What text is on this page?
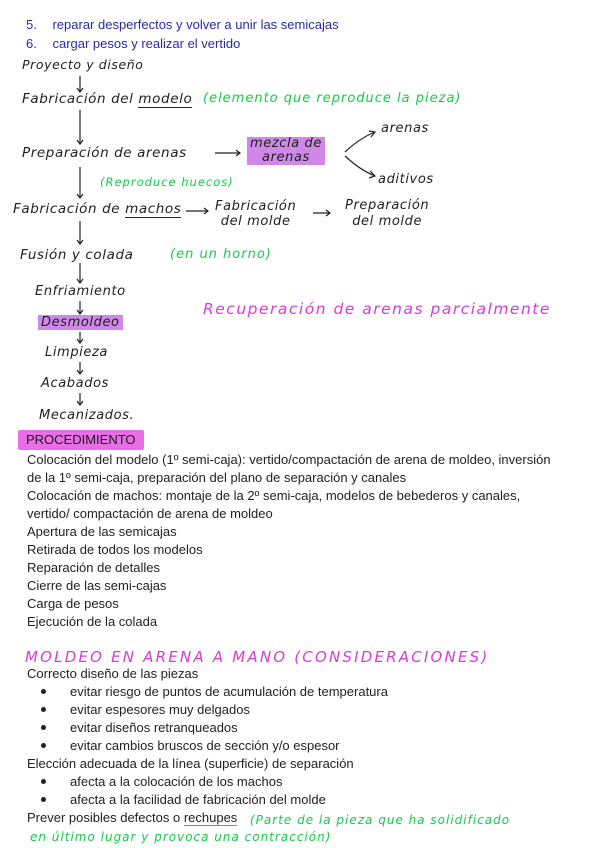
5. reparar desperfectos y volver a unir las semicajas
6. cargar pesos y realizar el vertido
Proyecto y diseño
Fabricación del modelo (elemento que reproduce la pieza)
Preparación de arenas
mezcla de
arenas
arenas
aditivos
(Reproduce huecos)
Fabricación de machos	Fabricación
del molde
Preparación
del molde
Fusión y colada	(en un horno)
Enfriamiento
Desmoldeo
Recuperación de arenas parcialmente
Limpieza
Acabados
Mecanizados.
PROCEDIMIENTO
Colocación del modelo (1º semi-caja): vertido/compactación de arena de moldeo, inversión
de la 1º semi-caja, preparación del plano de separación y canales
Colocación de machos: montaje de la 2º semi-caja, modelos de bebederos y canales,
vertido/ compactación de arena de moldeo
Apertura de las semicajas
Retirada de todos los modelos
Reparación de detalles
Cierre de las semi-cajas
Carga de pesos
Ejecución de la colada
MOLDEO EN ARENA A MANO (CONSIDERACIONES)
Correcto diseño de las piezas
evitar riesgo de puntos de acumulación de temperatura
evitar espesores muy delgados
evitar diseños retranqueados
evitar cambios bruscos de sección y/o espesor
Elección adecuada de la línea (superficie) de separación
afecta a la colocación de los machos
afecta a la facilidad de fabricación del molde
Prever posibles defectos o rechupes (Parte de la pieza que ha solidificado
en último lugar y provoca una contracción)
